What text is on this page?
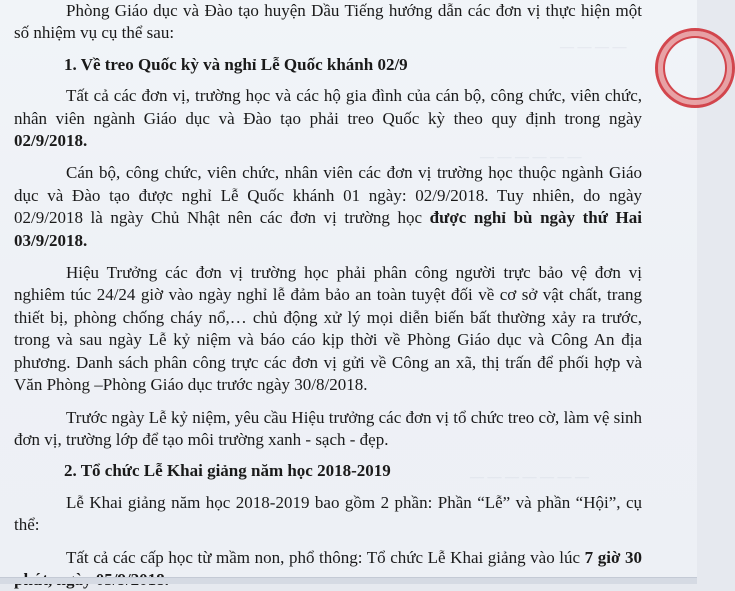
— — — —
— — — — — —
— — — — — — —

Phòng Giáo dục và Đào tạo huyện Dầu Tiếng hướng dẫn các đơn vị thực hiện một số nhiệm vụ cụ thể sau:

1. Về treo Quốc kỳ và nghỉ Lễ Quốc khánh 02/9

Tất cả các đơn vị, trường học và các hộ gia đình của cán bộ, công chức, viên chức, nhân viên ngành Giáo dục và Đào tạo phải treo Quốc kỳ theo quy định trong ngày 02/9/2018.

Cán bộ, công chức, viên chức, nhân viên các đơn vị trường học thuộc ngành Giáo dục và Đào tạo được nghỉ Lễ Quốc khánh 01 ngày: 02/9/2018. Tuy nhiên, do ngày 02/9/2018 là ngày Chủ Nhật nên các đơn vị trường học được nghỉ bù ngày thứ Hai 03/9/2018.

Hiệu Trưởng các đơn vị trường học phải phân công người trực bảo vệ đơn vị nghiêm túc 24/24 giờ vào ngày nghỉ lễ đảm bảo an toàn tuyệt đối về cơ sở vật chất, trang thiết bị, phòng chống cháy nổ,… chủ động xử lý mọi diễn biến bất thường xảy ra trước, trong và sau ngày Lễ kỷ niệm và báo cáo kịp thời về Phòng Giáo dục và Công An địa phương. Danh sách phân công trực các đơn vị gửi về Công an xã, thị trấn để phối hợp và Văn Phòng –Phòng Giáo dục trước ngày 30/8/2018.

Trước ngày Lễ kỷ niệm, yêu cầu Hiệu trưởng các đơn vị tổ chức treo cờ, làm vệ sinh đơn vị, trường lớp để tạo môi trường xanh - sạch - đẹp.

2. Tổ chức Lễ Khai giảng năm học 2018-2019

Lễ Khai giảng năm học 2018-2019 bao gồm 2 phần: Phần “Lễ” và phần “Hội”, cụ thể:

Tất cả các cấp học từ mầm non, phổ thông: Tổ chức Lễ Khai giảng vào lúc 7 giờ 30
